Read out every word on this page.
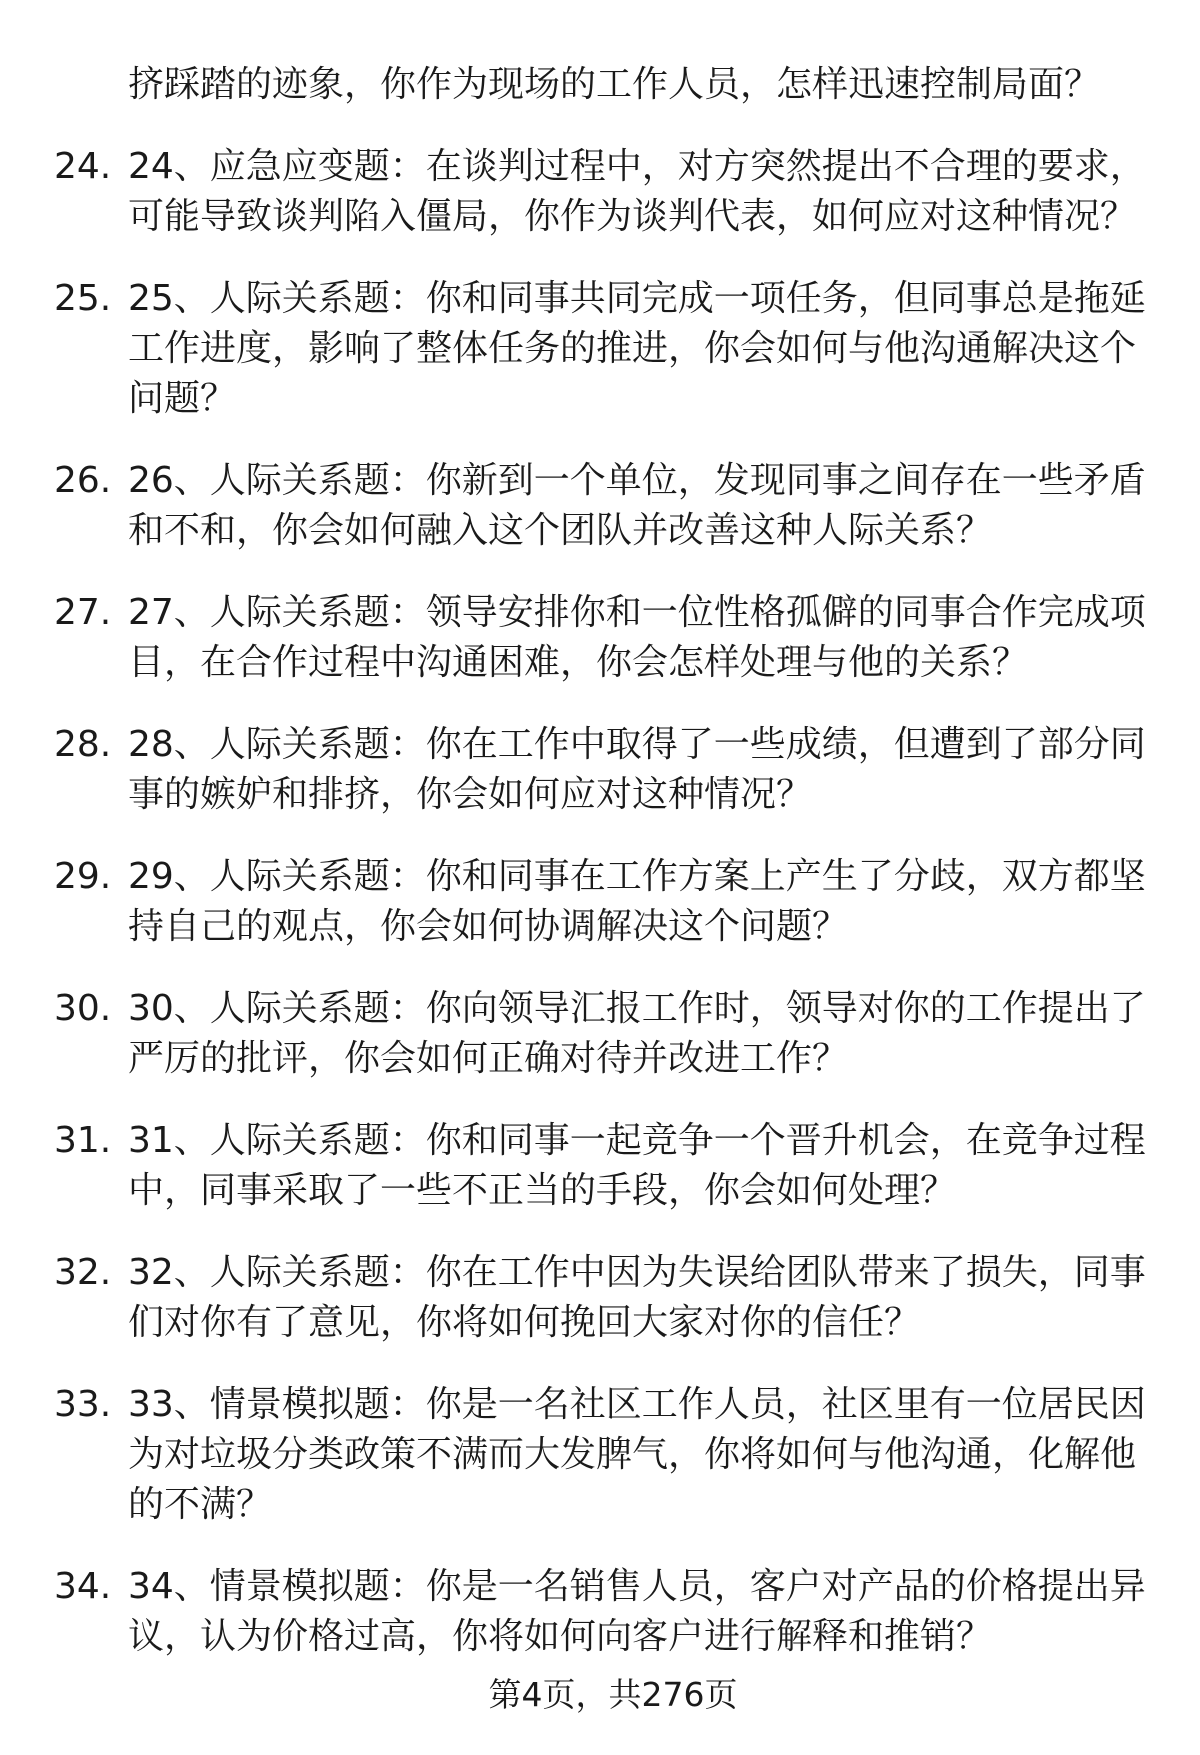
挤踩踏的迹象，你作为现场的工作人员，怎样迅速控制局面？
24. 24、应急应变题：在谈判过程中，对方突然提出不合理的要求，
可能导致谈判陷入僵局，你作为谈判代表，如何应对这种情况？
25. 25、人际关系题：你和同事共同完成一项任务，但同事总是拖延
工作进度，影响了整体任务的推进，你会如何与他沟通解决这个
问题？
26. 26、人际关系题：你新到一个单位，发现同事之间存在一些矛盾
和不和，你会如何融入这个团队并改善这种人际关系？
27. 27、人际关系题：领导安排你和一位性格孤僻的同事合作完成项
目，在合作过程中沟通困难，你会怎样处理与他的关系？
28. 28、人际关系题：你在工作中取得了一些成绩，但遭到了部分同
事的嫉妒和排挤，你会如何应对这种情况？
29. 29、人际关系题：你和同事在工作方案上产生了分歧，双方都坚
持自己的观点，你会如何协调解决这个问题？
30. 30、人际关系题：你向领导汇报工作时，领导对你的工作提出了
严厉的批评，你会如何正确对待并改进工作？
31. 31、人际关系题：你和同事一起竞争一个晋升机会，在竞争过程
中，同事采取了一些不正当的手段，你会如何处理？
32. 32、人际关系题：你在工作中因为失误给团队带来了损失，同事
们对你有了意见，你将如何挽回大家对你的信任？
33. 33、情景模拟题：你是一名社区工作人员，社区里有一位居民因
为对垃圾分类政策不满而大发脾气，你将如何与他沟通，化解他
的不满？
34. 34、情景模拟题：你是一名销售人员，客户对产品的价格提出异
议，认为价格过高，你将如何向客户进行解释和推销？
第4页，共276页
